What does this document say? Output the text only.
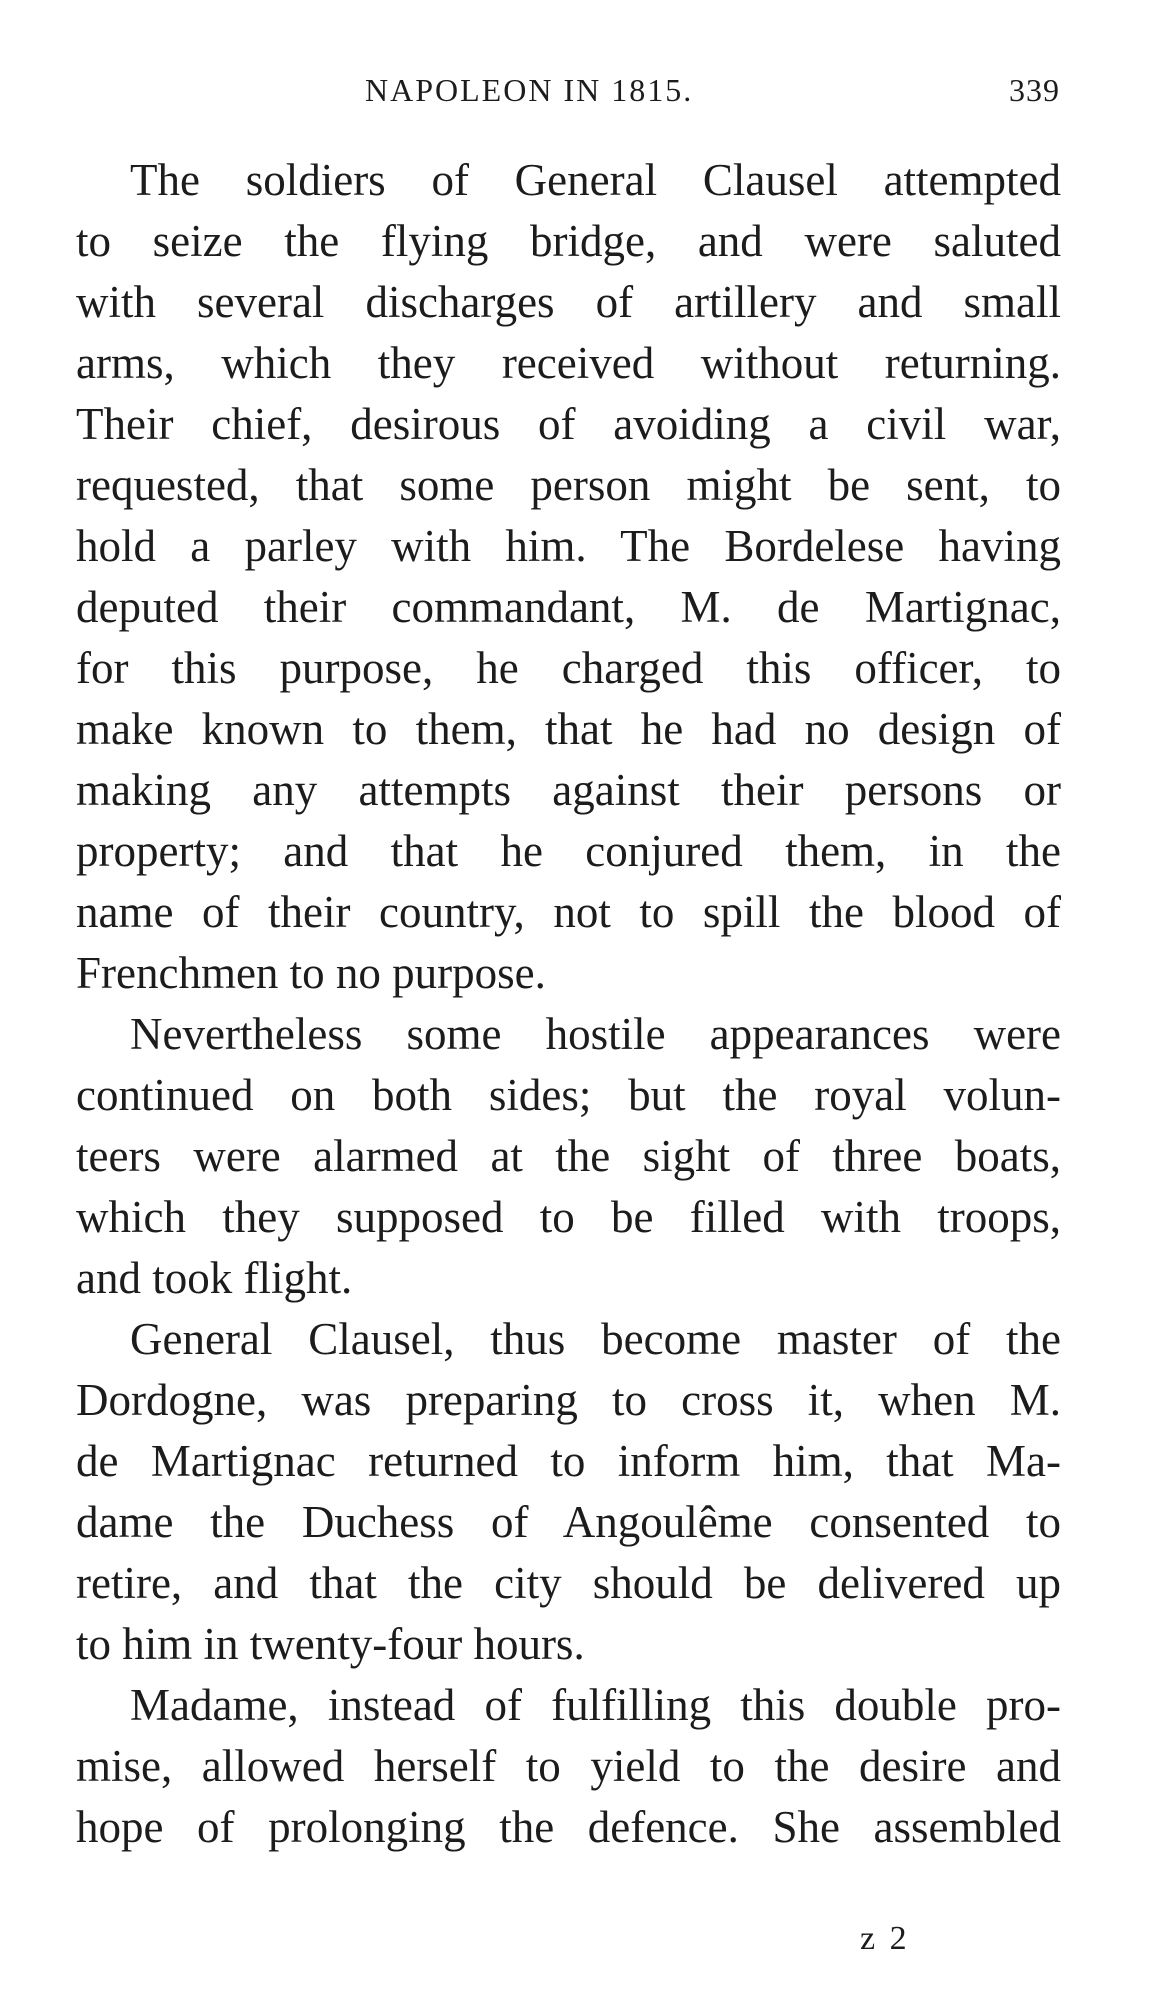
NAPOLEON IN 1815.	339
The soldiers of General Clausel attempted
to seize the flying bridge, and were saluted
with several discharges of artillery and small
arms, which they received without returning.
Their chief, desirous of avoiding a civil war,
requested, that some person might be sent, to
hold a parley with him. The Bordelese having
deputed their commandant, M. de Martignac,
for this purpose, he charged this officer, to
make known to them, that he had no design of
making any attempts against their persons or
property; and that he conjured them, in the
name of their country, not to spill the blood of
Frenchmen to no purpose.
Nevertheless some hostile appearances were
continued on both sides; but the royal volun-
teers were alarmed at the sight of three boats,
which they supposed to be filled with troops,
and took flight.
General Clausel, thus become master of the
Dordogne, was preparing to cross it, when M.
de Martignac returned to inform him, that Ma-
dame the Duchess of Angoulême consented to
retire, and that the city should be delivered up
to him in twenty-four hours.
Madame, instead of fulfilling this double pro-
mise, allowed herself to yield to the desire and
hope of prolonging the defence. She assembled
z 2
